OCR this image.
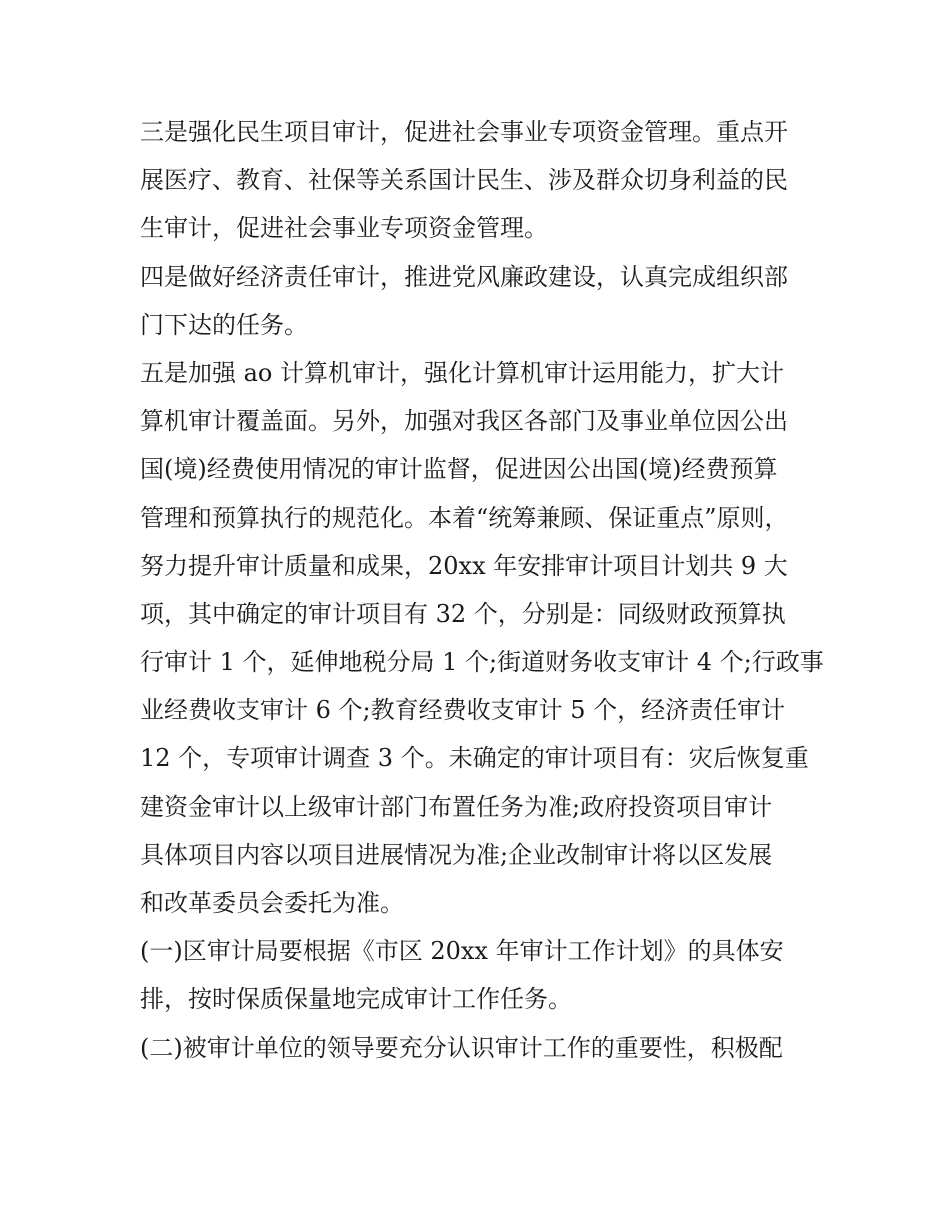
三是强化民生项目审计，促进社会事业专项资金管理。重点开
展医疗、教育、社保等关系国计民生、涉及群众切身利益的民
生审计，促进社会事业专项资金管理。
四是做好经济责任审计，推进党风廉政建设，认真完成组织部
门下达的任务。
五是加强 ao 计算机审计，强化计算机审计运用能力，扩大计
算机审计覆盖面。另外，加强对我区各部门及事业单位因公出
国(境)经费使用情况的审计监督，促进因公出国(境)经费预算
管理和预算执行的规范化。本着“统筹兼顾、保证重点”原则，
努力提升审计质量和成果，20xx 年安排审计项目计划共 9 大
项，其中确定的审计项目有 32 个，分别是：同级财政预算执
行审计 1 个，延伸地税分局 1 个;街道财务收支审计 4 个;行政事
业经费收支审计 6 个;教育经费收支审计 5 个，经济责任审计
12 个，专项审计调查 3 个。未确定的审计项目有：灾后恢复重
建资金审计以上级审计部门布置任务为准;政府投资项目审计
具体项目内容以项目进展情况为准;企业改制审计将以区发展
和改革委员会委托为准。
(一)区审计局要根据《市区 20xx 年审计工作计划》的具体安
排，按时保质保量地完成审计工作任务。
(二)被审计单位的领导要充分认识审计工作的重要性，积极配
